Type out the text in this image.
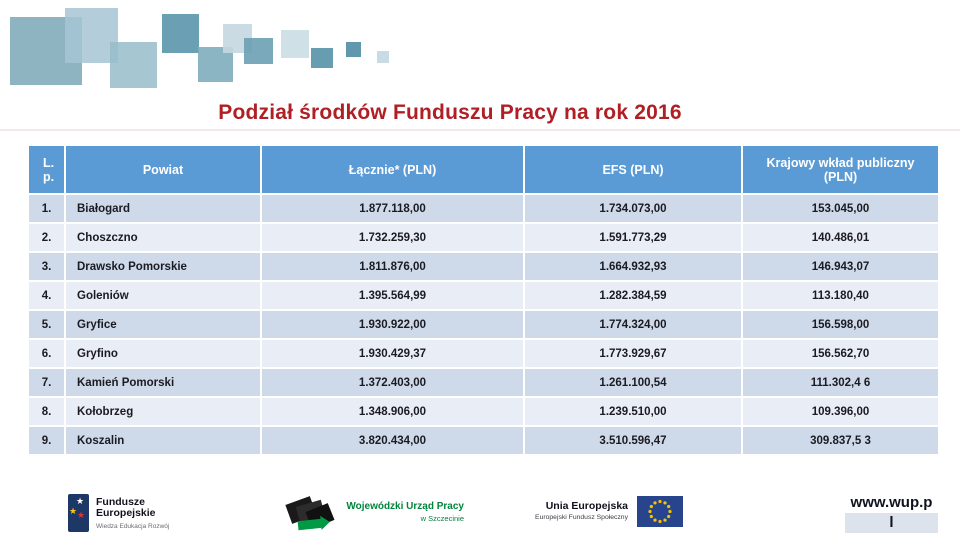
Podział środków Funduszu Pracy na rok 2016
L. p.	Powiat	Łącznie* (PLN)	EFS (PLN)	Krajowy wkład publiczny (PLN)
1.	Białogard	1.877.118,00	1.734.073,00	153.045,00
2.	Choszczno	1.732.259,30	1.591.773,29	140.486,01
3.	Drawsko Pomorskie	1.811.876,00	1.664.932,93	146.943,07
4.	Goleniów	1.395.564,99	1.282.384,59	113.180,40
5.	Gryfice	1.930.922,00	1.774.324,00	156.598,00
6.	Gryfino	1.930.429,37	1.773.929,67	156.562,70
7.	Kamień Pomorski	1.372.403,00	1.261.100,54	111.302,4 6
8.	Kołobrzeg	1.348.906,00	1.239.510,00	109.396,00
9.	Koszalin	3.820.434,00	3.510.596,47	309.837,5 3
★
★ ★
Fundusze
Europejskie
Wiedza Edukacja Rozwój
Wojewódzki Urząd Pracy
w Szczecinie
Unia Europejska
Europejski Fundusz Społeczny
www.wup.p
l
